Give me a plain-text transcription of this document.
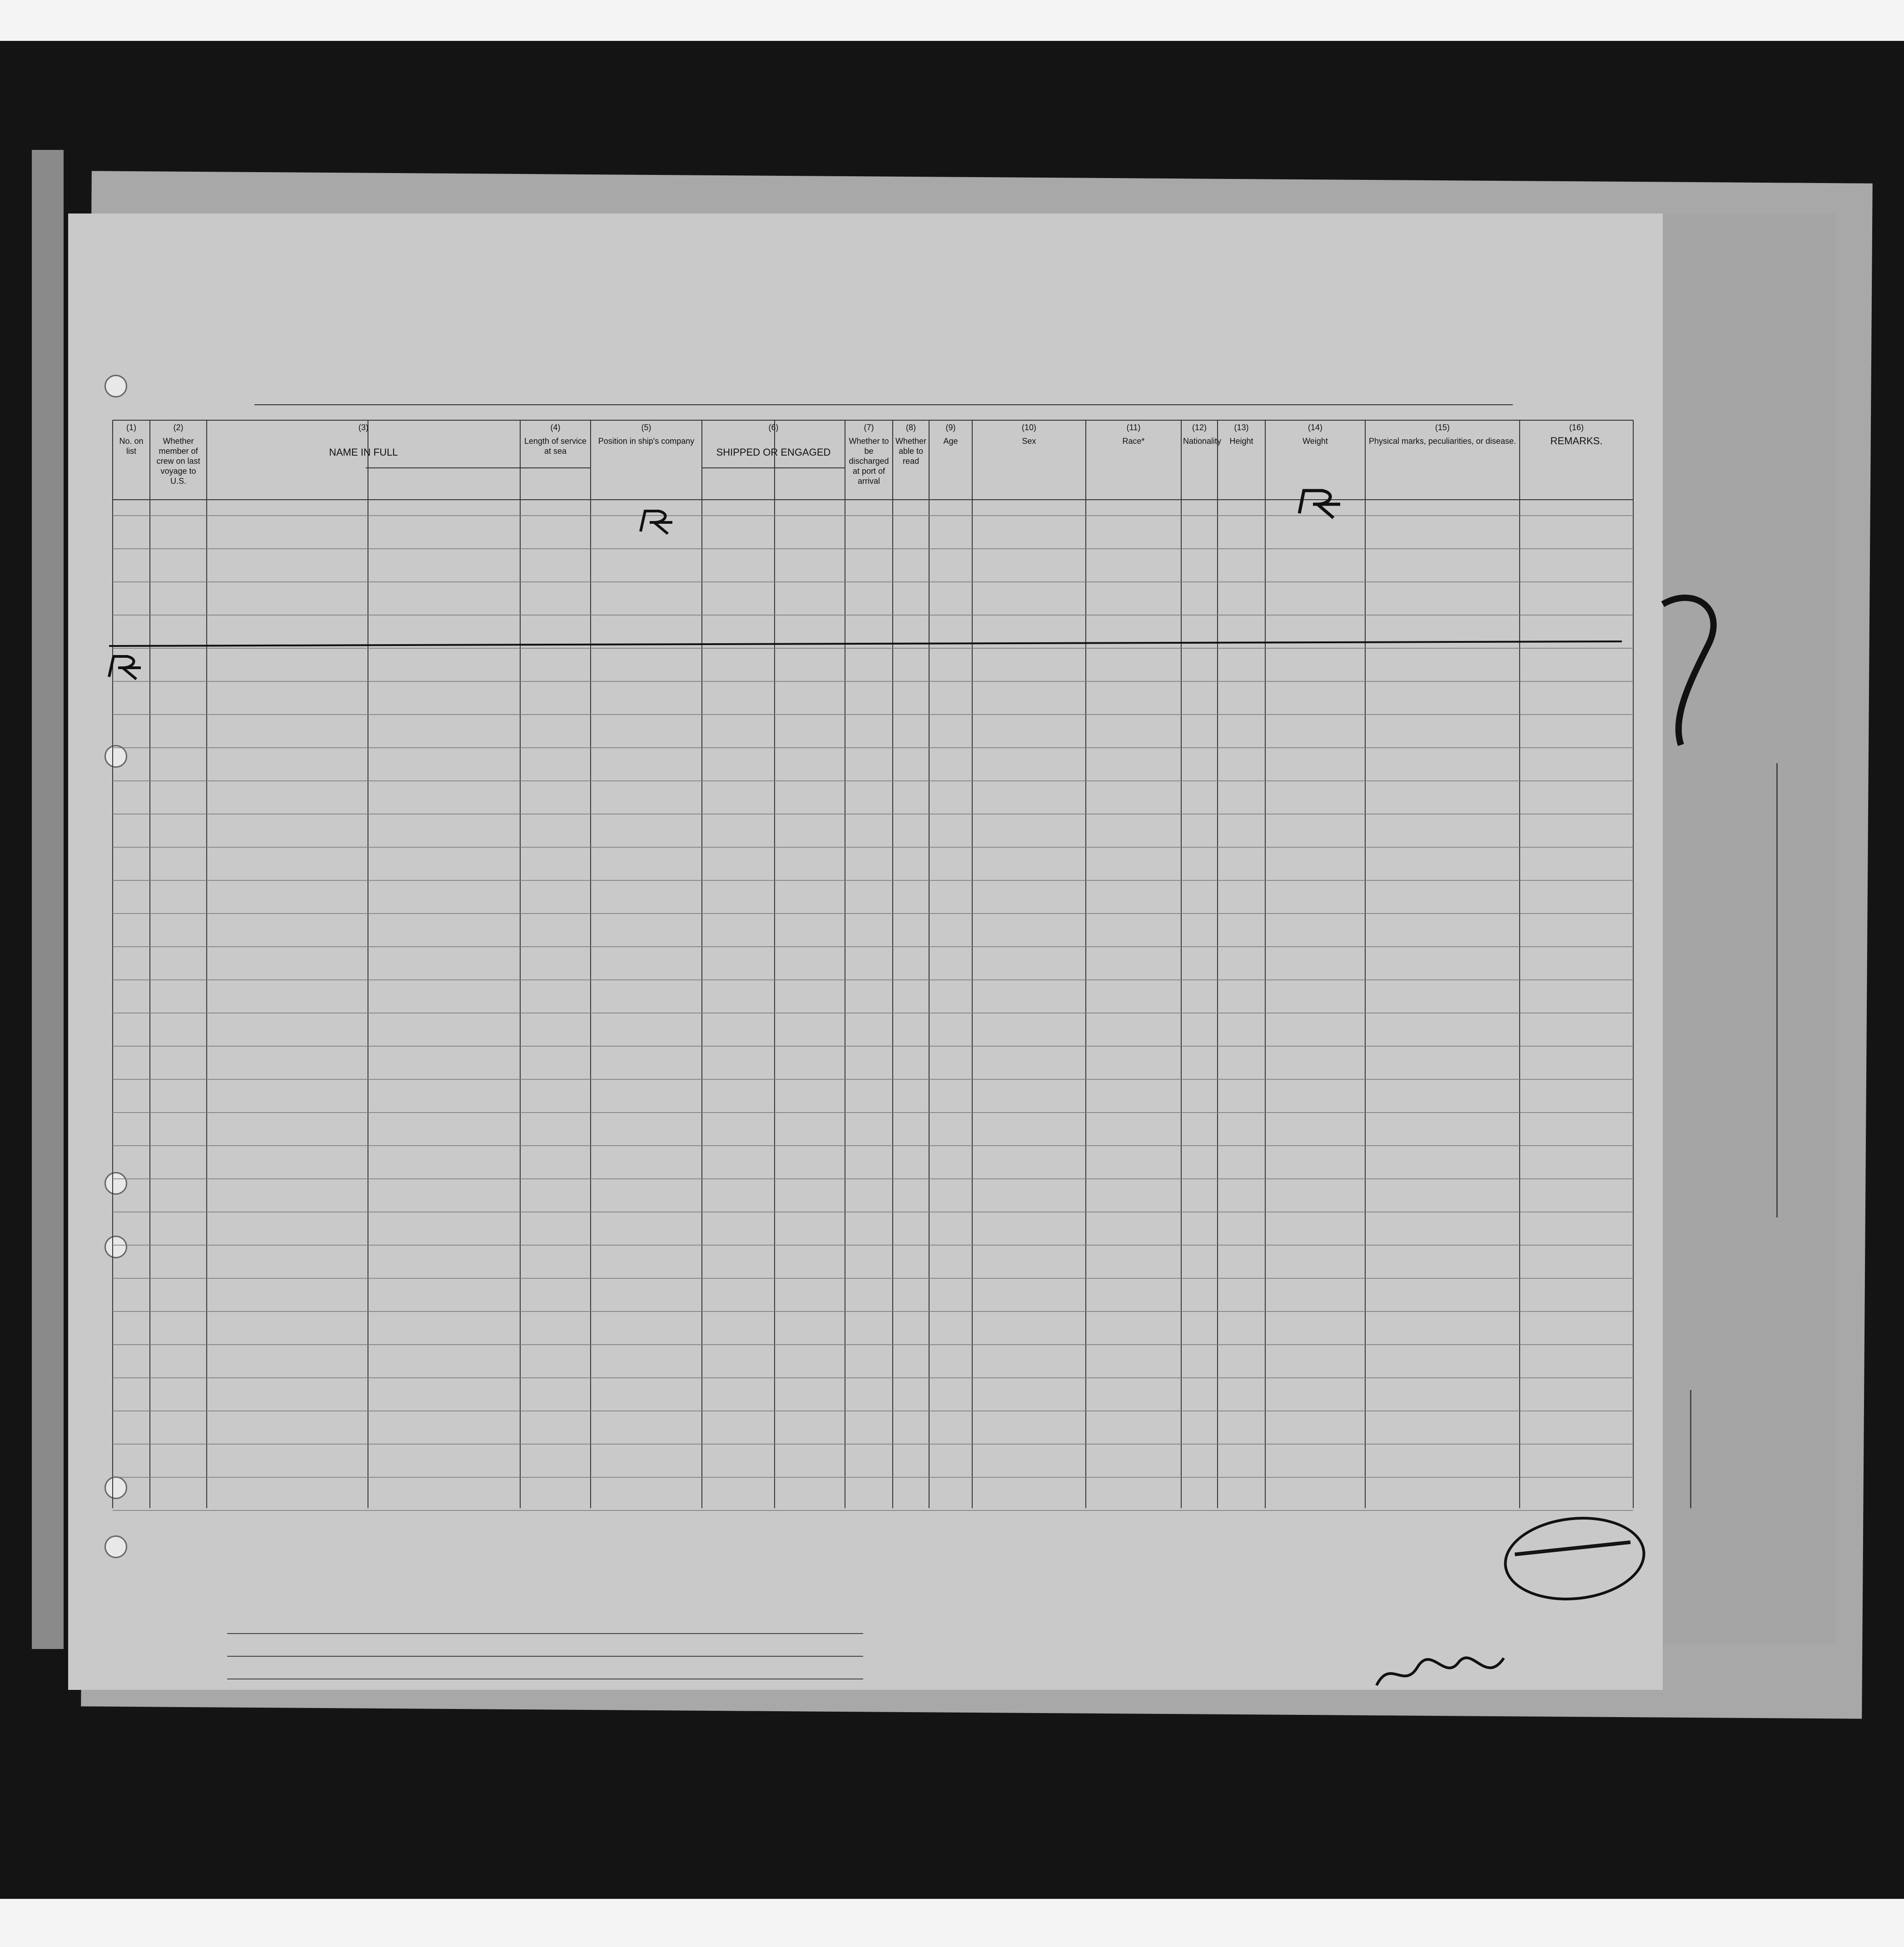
(1)
No. on list
(2)
Whether member of crew on last voyage to U.S.
(3)
NAME IN FULL
(4)
Length of service at sea
(5)
Position in ship's company
(6)
SHIPPED OR ENGAGED
(7)
Whether to be discharged at port of arrival
(8)
Whether able to read
(9)
Age
(10)
Sex
(11)
Race*
(12)
Nationality
(13)
Height
(14)
Weight
(15)
Physical marks, peculiarities, or disease.
(16)
REMARKS.
